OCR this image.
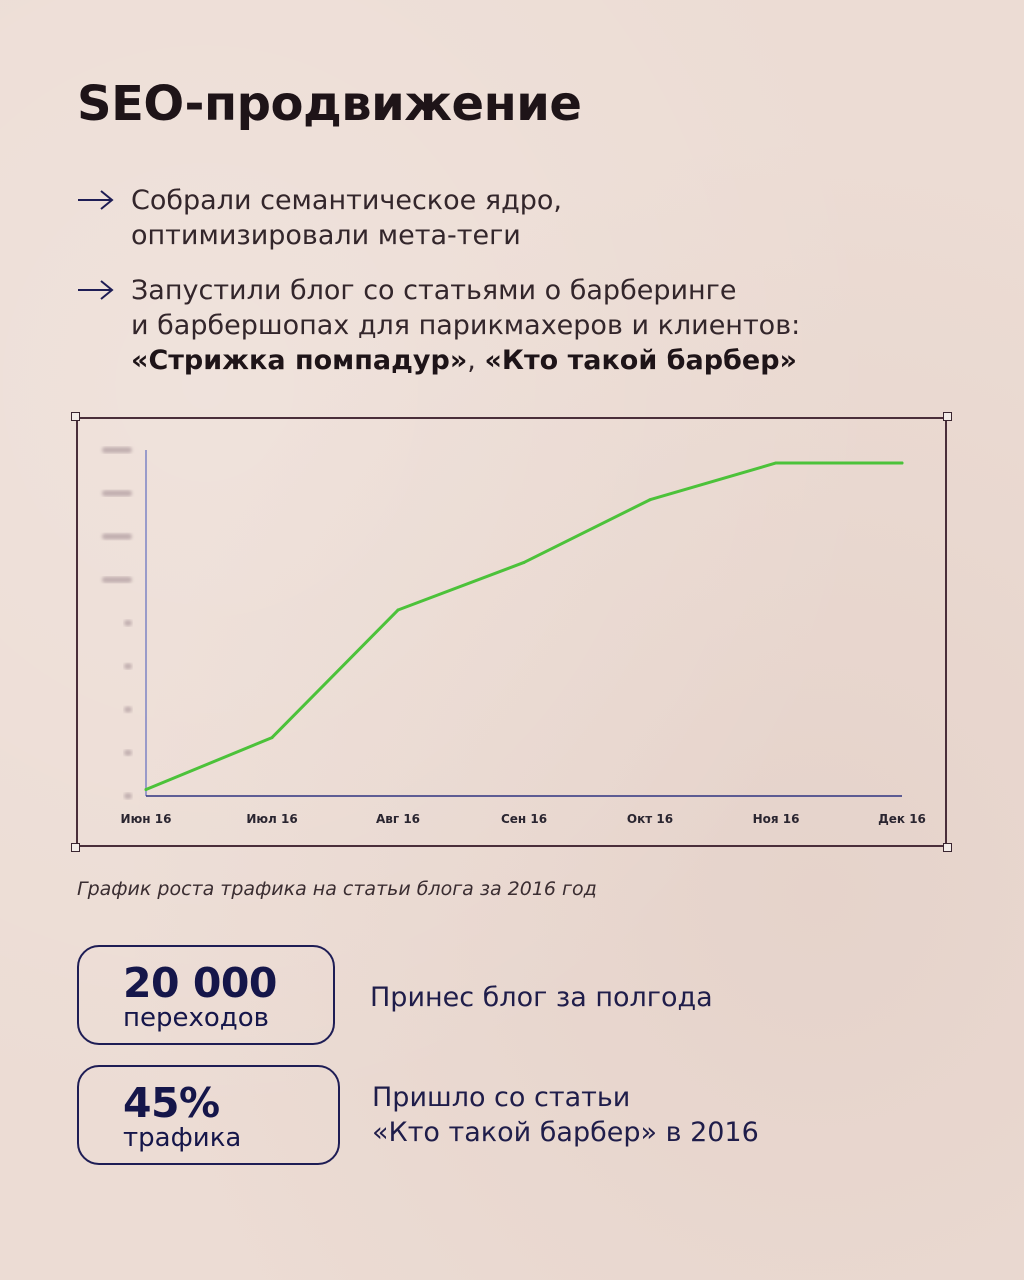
SEO-продвижение
Собрали семантическое ядро,
оптимизировали мета-теги
Запустили блог со статьями о барберинге
и барбершопах для парикмахеров и клиентов:
«Стрижка помпадур», «Кто такой барбер»
Июн 16	Июл 16	Авг 16	Сен 16	Окт 16	Ноя 16	Дек 16
График роста трафика на статьи блога за 2016 год
20 000
переходов
Принес блог за полгода
45%
трафика
Пришло со статьи
«Кто такой барбер» в 2016
